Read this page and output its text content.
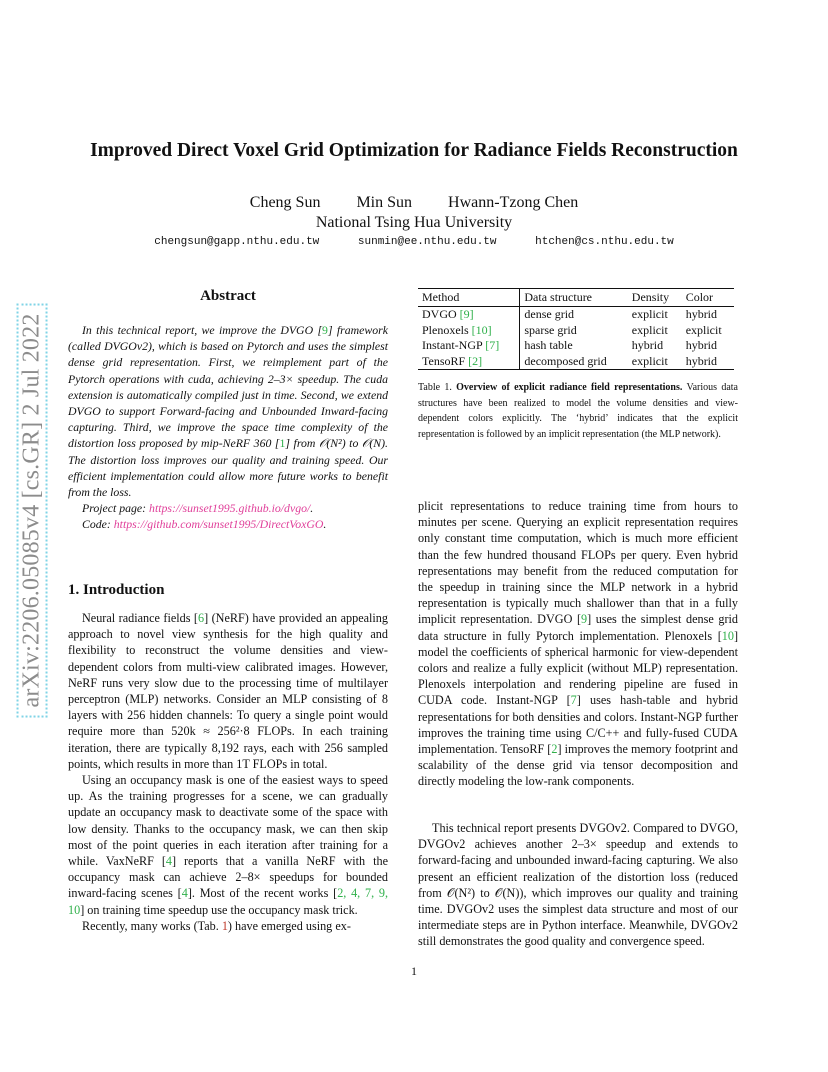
arXiv:2206.05085v4 [cs.GR] 2 Jul 2022
Improved Direct Voxel Grid Optimization for Radiance Fields Reconstruction
Cheng Sun Min Sun Hwann-Tzong Chen
National Tsing Hua University
chengsun@gapp.nthu.edu.tw	sunmin@ee.nthu.edu.tw	htchen@cs.nthu.edu.tw
Abstract

In this technical report, we improve the DVGO [9] framework (called DVGOv2), which is based on Pytorch and uses the simplest dense grid representation. First, we reimplement part of the Pytorch operations with cuda, achieving 2–3× speedup. The cuda extension is automatically compiled just in time. Second, we extend DVGO to support Forward-facing and Unbounded Inward-facing capturing. Third, we improve the space time complexity of the distortion loss proposed by mip-NeRF 360 [1] from 𝒪(N²) to 𝒪(N). The distortion loss improves our quality and training speed. Our efficient implementation could allow more future works to benefit from the loss.

Project page: https://sunset1995.github.io/dvgo/.

Code: https://github.com/sunset1995/DirectVoxGO.

1. Introduction

Neural radiance fields [6] (NeRF) have provided an appealing approach to novel view synthesis for the high quality and flexibility to reconstruct the volume densities and view-dependent colors from multi-view calibrated images. However, NeRF runs very slow due to the processing time of multilayer perceptron (MLP) networks. Consider an MLP consisting of 8 layers with 256 hidden channels: To query a single point would require more than 520k ≈ 256²·8 FLOPs. In each training iteration, there are typically 8,192 rays, each with 256 sampled points, which results in more than 1T FLOPs in total.

Using an occupancy mask is one of the easiest ways to speed up. As the training progresses for a scene, we can gradually update an occupancy mask to deactivate some of the space with low density. Thanks to the occupancy mask, we can then skip most of the point queries in each iteration after training for a while. VaxNeRF [4] reports that a vanilla NeRF with the occupancy mask can achieve 2–8× speedups for bounded inward-facing scenes [4]. Most of the recent works [2, 4, 7, 9, 10] on training time speedup use the occupancy mask trick.

Recently, many works (Tab. 1) have emerged using ex-

Method	Data structure	Density	Color
DVGO [9]	dense grid	explicit	hybrid
Plenoxels [10]	sparse grid	explicit	explicit
Instant-NGP [7]	hash table	hybrid	hybrid
TensoRF [2]	decomposed grid	explicit	hybrid
Table 1. Overview of explicit radiance field representations. Various data structures have been realized to model the volume densities and view-dependent colors explicitly. The ‘hybrid’ indicates that the explicit representation is followed by an implicit representation (the MLP network).

plicit representations to reduce training time from hours to minutes per scene. Querying an explicit representation requires only constant time computation, which is much more efficient than the few hundred thousand FLOPs per query. Even hybrid representations may benefit from the reduced computation for the speedup in training since the MLP network in a hybrid representation is typically much shallower than that in a fully implicit representation. DVGO [9] uses the simplest dense grid data structure in fully Pytorch implementation. Plenoxels [10] model the coefficients of spherical harmonic for view-dependent colors and realize a fully explicit (without MLP) representation. Plenoxels interpolation and rendering pipeline are fused in CUDA code. Instant-NGP [7] uses hash-table and hybrid representations for both densities and colors. Instant-NGP further improves the training time using C/C++ and fully-fused CUDA implementation. TensoRF [2] improves the memory footprint and scalability of the dense grid via tensor decomposition and directly modeling the low-rank components.

This technical report presents DVGOv2. Compared to DVGO, DVGOv2 achieves another 2–3× speedup and extends to forward-facing and unbounded inward-facing capturing. We also present an efficient realization of the distortion loss (reduced from 𝒪(N²) to 𝒪(N)), which improves our quality and training time. DVGOv2 uses the simplest data structure and most of our intermediate steps are in Python interface. Meanwhile, DVGOv2 still demonstrates the good quality and convergence speed.

1
